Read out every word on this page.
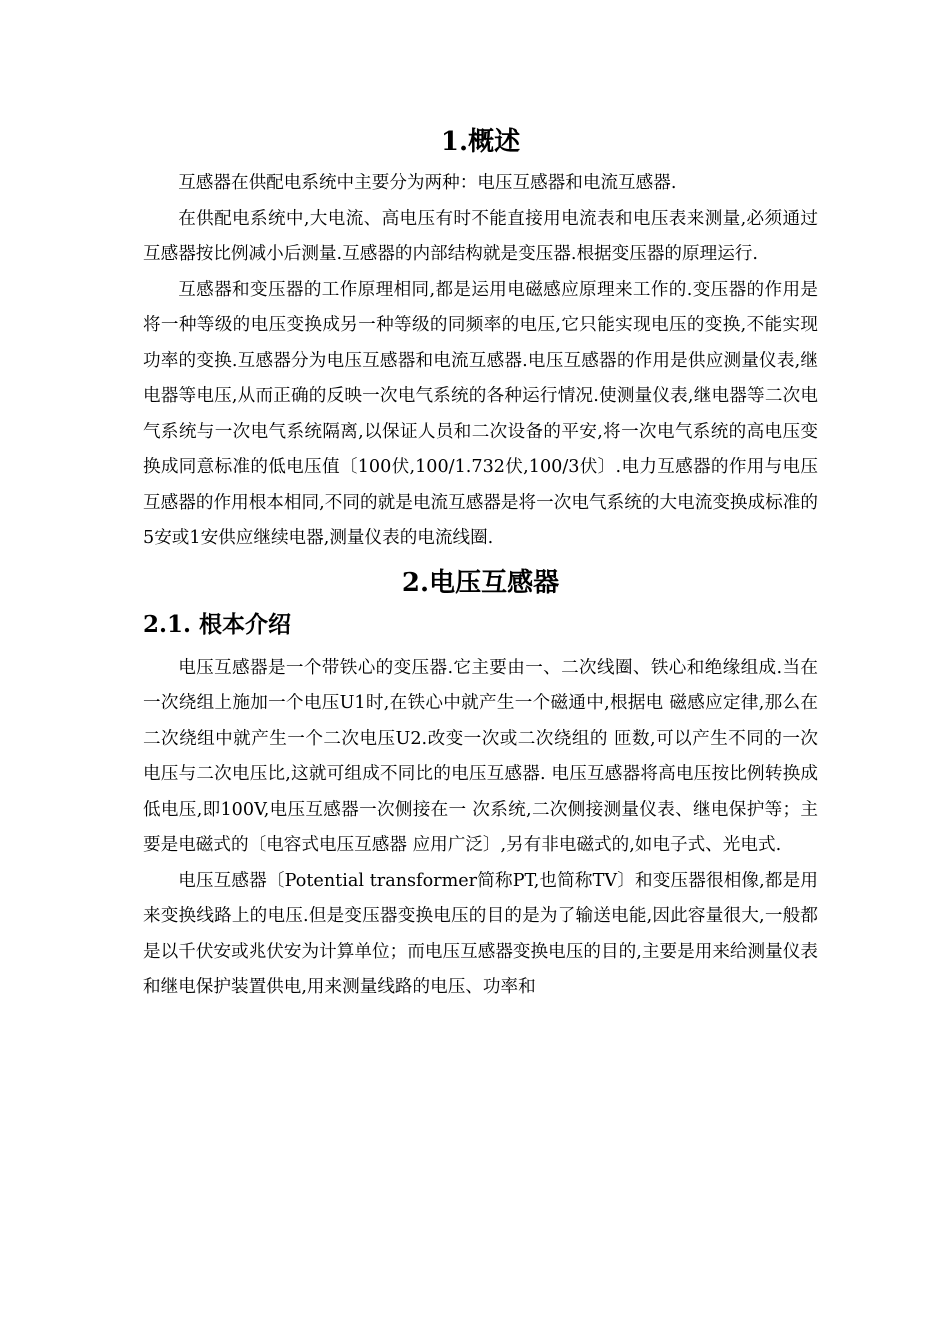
1.概述

互感器在供配电系统中主要分为两种：电压互感器和电流互感器.

在供配电系统中,大电流、高电压有时不能直接用电流表和电压表来测量,必须通过互感器按比例减小后测量.互感器的内部结构就是变压器.根据变压器的原理运行.

互感器和变压器的工作原理相同,都是运用电磁感应原理来工作的.变压器的作用是将一种等级的电压变换成另一种等级的同频率的电压,它只能实现电压的变换,不能实现功率的变换.互感器分为电压互感器和电流互感器.电压互感器的作用是供应测量仪表,继电器等电压,从而正确的反映一次电气系统的各种运行情况.使测量仪表,继电器等二次电气系统与一次电气系统隔离,以保证人员和二次设备的平安,将一次电气系统的高电压变换成同意标准的低电压值〔100伏,100/1.732伏,100/3伏〕.电力互感器的作用与电压互感器的作用根本相同,不同的就是电流互感器是将一次电气系统的大电流变换成标准的5安或1安供应继续电器,测量仪表的电流线圈.

2.电压互感器
2.1. 根本介绍

电压互感器是一个带铁心的变压器.它主要由一、二次线圈、铁心和绝缘组成.当在一次绕组上施加一个电压U1时,在铁心中就产生一个磁通中,根据电 磁感应定律,那么在二次绕组中就产生一个二次电压U2.改变一次或二次绕组的 匝数,可以产生不同的一次电压与二次电压比,这就可组成不同比的电压互感器. 电压互感器将高电压按比例转换成低电压,即100V,电压互感器一次侧接在一 次系统,二次侧接测量仪表、继电保护等；主要是电磁式的〔电容式电压互感器 应用广泛〕,另有非电磁式的,如电子式、光电式.

电压互感器〔Potential transformer简称PT,也简称TV〕和变压器很相像,都是用来变换线路上的电压.但是变压器变换电压的目的是为了输送电能,因此容量很大,一般都是以千伏安或兆伏安为计算单位；而电压互感器变换电压的目的,主要是用来给测量仪表和继电保护装置供电,用来测量线路的电压、功率和
